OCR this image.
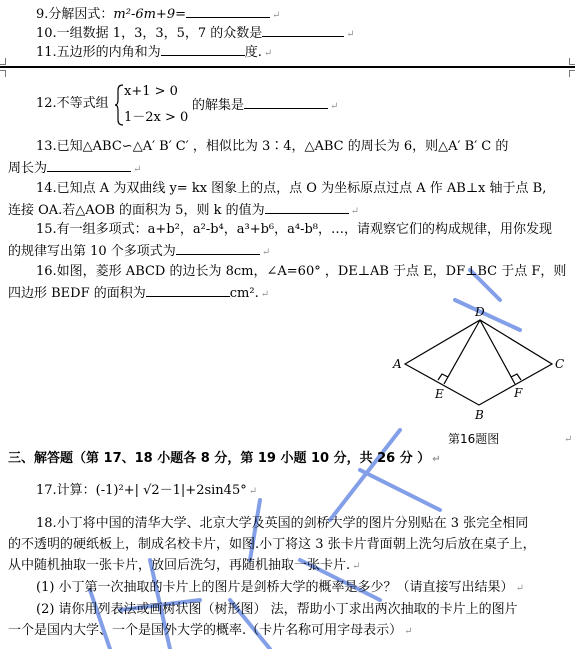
9.分解因式：m²-6m+9=	↵
10.一组数据 1，3，3，5，7 的众数是	↵
11.五边形的内角和为	度. ↵
12.不等式组
x+1 > 0
1－2x > 0
的解集是	↵
13.已知△ABC∽△A′ B′ C′ ，相似比为 3∶4，△ABC 的周长为 6，则△A′ B′ C 的
周长为	↵
14.已知点 A 为双曲线 y= kx 图象上的点，点 O 为坐标原点过点 A 作 AB⊥x 轴于点 B,
连接 OA.若△AOB 的面积为 5，则 k 的值为	↵
15.有一组多项式：a+b²，a²-b⁴，a³+b⁶，a⁴-b⁸，…，请观察它们的构成规律，用你发现
的规律写出第 10 个多项式为	↵
16.如图，菱形 ABCD 的边长为 8cm，∠A=60° ，DE⊥AB 于点 E，DF⊥BC 于点 F，则
四边形 BEDF 的面积为	cm². ↵
A
D
C
B
E	F
第16题图	↵
三、解答题（第 17、18 小题各 8 分，第 19 小题 10 分，共 26 分 ） ↵
17.计算：(-1)²+| √2－1|+2sin45° ↵
18.小丁将中国的清华大学、北京大学及英国的剑桥大学的图片分别贴在 3 张完全相同
的不透明的硬纸板上，制成名校卡片，如图.小丁将这 3 张卡片背面朝上洗匀后放在桌子上，
从中随机抽取一张卡片，放回后洗匀，再随机抽取一张卡片. ↵
(1) 小丁第一次抽取的卡片上的图片是剑桥大学的概率是多少？（请直接写出结果） ↵
(2) 请你用列表法或画树状图（树形图） 法，帮助小丁求出两次抽取的卡片上的图片
一个是国内大学、一个是国外大学的概率.（卡片名称可用字母表示） ↵
